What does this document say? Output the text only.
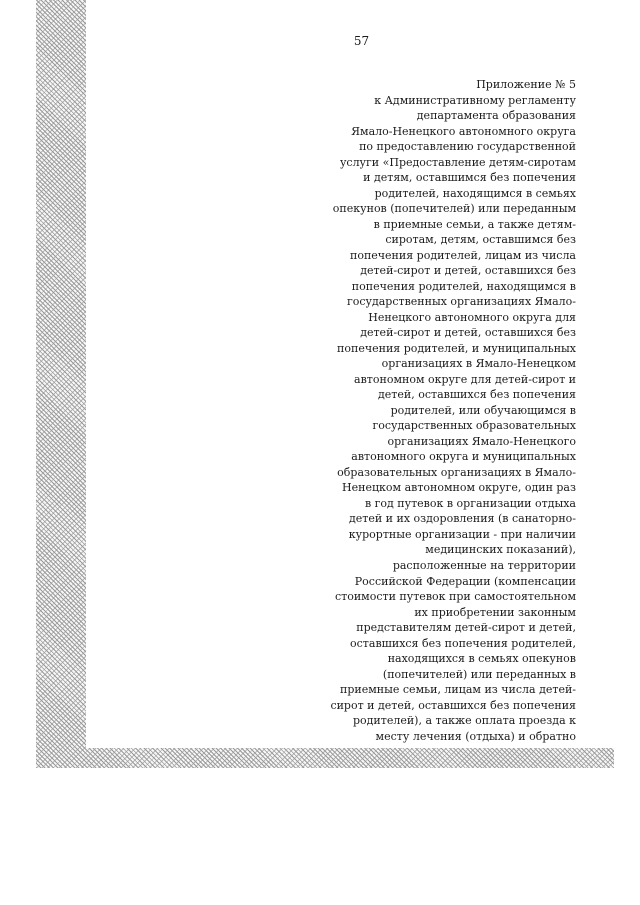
57
Приложение № 5
к Административному регламенту
департамента образования
Ямало-Ненецкого автономного округа
по предоставлению государственной
услуги «Предоставление детям-сиротам
и детям, оставшимся без попечения
родителей, находящимся в семьях
опекунов (попечителей) или переданным
в приемные семьи, а также детям-
сиротам, детям, оставшимся без
попечения родителей, лицам из числа
детей-сирот и детей, оставшихся без
попечения родителей, находящимся в
государственных организациях Ямало-
Ненецкого автономного округа для
детей-сирот и детей, оставшихся без
попечения родителей, и муниципальных
организациях в Ямало-Ненецком
автономном округе для детей-сирот и
детей, оставшихся без попечения
родителей, или обучающимся в
государственных образовательных
организациях Ямало-Ненецкого
автономного округа и муниципальных
образовательных организациях в Ямало-
Ненецком автономном округе, один раз
в год путевок в организации отдыха
детей и их оздоровления (в санаторно-
курортные организации - при наличии
медицинских показаний),
расположенные на территории
Российской Федерации (компенсации
стоимости путевок при самостоятельном
их приобретении законным
представителям детей-сирот и детей,
оставшихся без попечения родителей,
находящихся в семьях опекунов
(попечителей) или переданных в
приемные семьи, лицам из числа детей-
сирот и детей, оставшихся без попечения
родителей), а также оплата проезда к
месту лечения (отдыха) и обратно
